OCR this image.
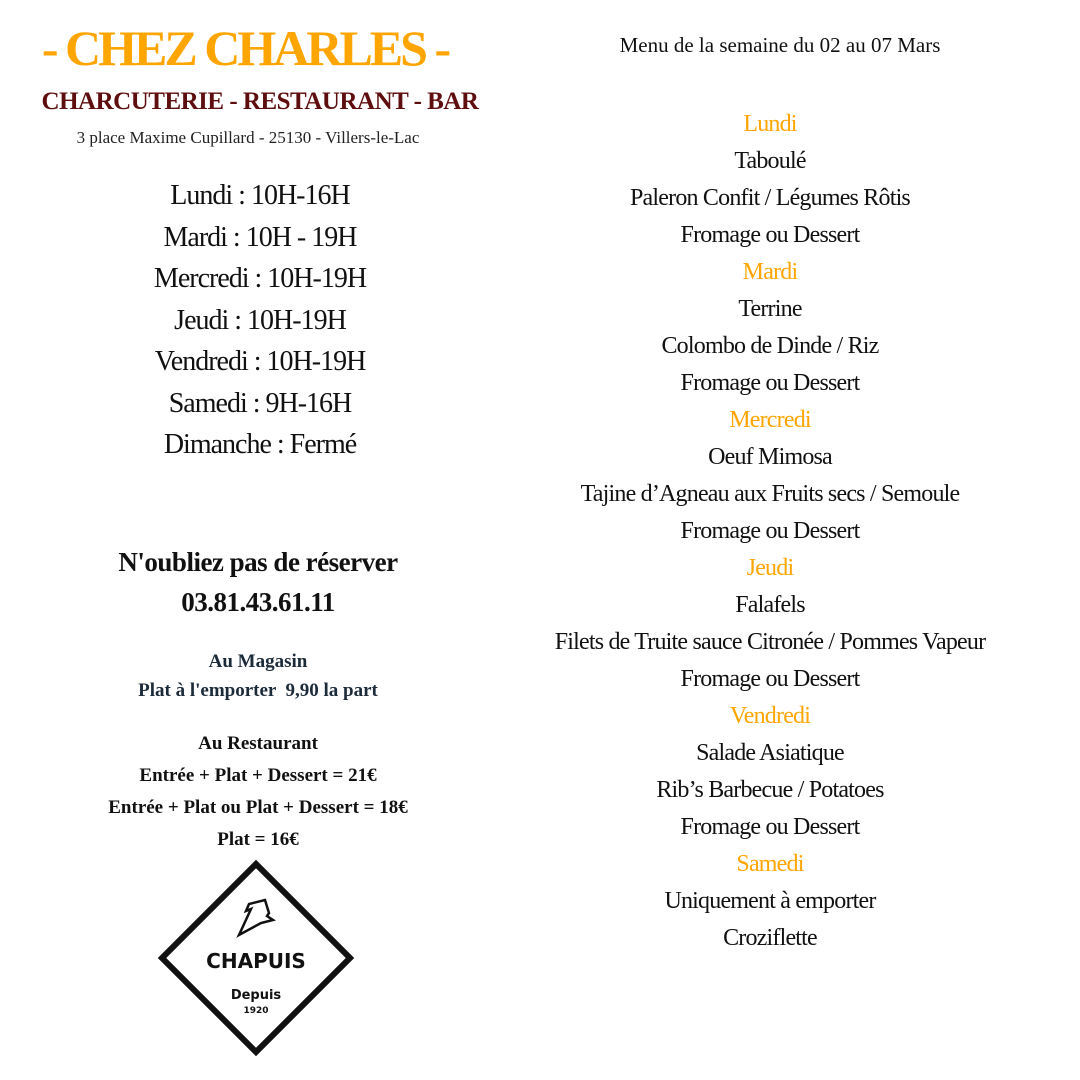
- CHEZ CHARLES -
CHARCUTERIE - RESTAURANT - BAR
3 place Maxime Cupillard - 25130 - Villers-le-Lac
Lundi : 10H-16H
Mardi : 10H - 19H
Mercredi : 10H-19H
Jeudi : 10H-19H
Vendredi : 10H-19H
Samedi : 9H-16H
Dimanche : Fermé
N'oubliez pas de réserver
03.81.43.61.11
Au Magasin
Plat à l'emporter  9,90 la part
Au Restaurant
Entrée + Plat + Dessert = 21€
Entrée + Plat ou Plat + Dessert = 18€
Plat = 16€
CHAPUIS
Depuis
1920
Menu de la semaine du 02 au 07 Mars
Lundi
Taboulé
Paleron Confit / Légumes Rôtis
Fromage ou Dessert
Mardi
Terrine
Colombo de Dinde / Riz
Fromage ou Dessert
Mercredi
Oeuf Mimosa
Tajine d’Agneau aux Fruits secs / Semoule
Fromage ou Dessert
Jeudi
Falafels
Filets de Truite sauce Citronée / Pommes Vapeur
Fromage ou Dessert
Vendredi
Salade Asiatique
Rib’s Barbecue / Potatoes
Fromage ou Dessert
Samedi
Uniquement à emporter
Croziflette
